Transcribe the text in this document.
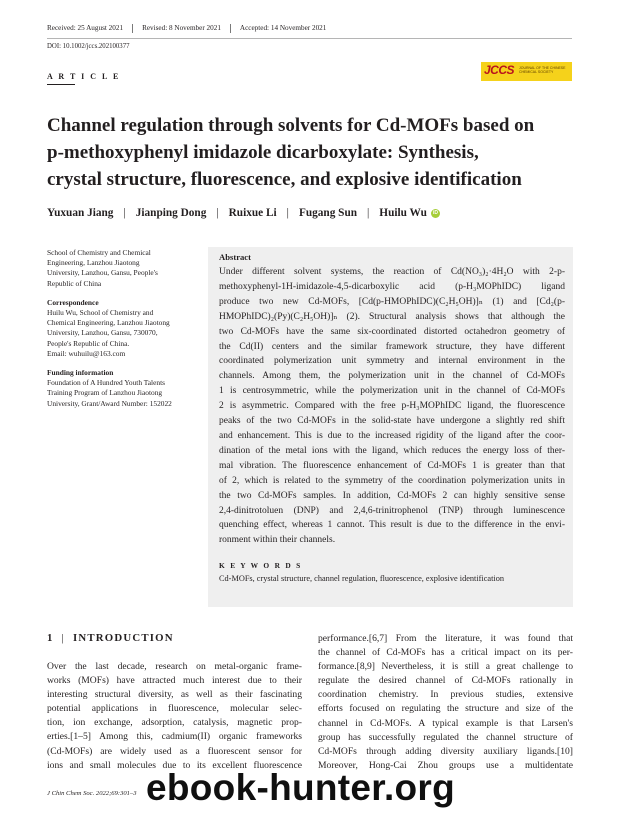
Received: 25 August 2021	Revised: 8 November 2021	Accepted: 14 November 2021
DOI: 10.1002/jccs.202100377
A R T I C L E	JCCS JOURNAL OF THE CHINESE CHEMICAL SOCIETY
Channel regulation through solvents for Cd-MOFs based on
p-methoxyphenyl imidazole dicarboxylate: Synthesis,
crystal structure, fluorescence, and explosive identification
Yuxuan Jiang | Jianping Dong | Ruixue Li | Fugang Sun | Huilu Wu	iD
School of Chemistry and Chemical
Engineering, Lanzhou Jiaotong
University, Lanzhou, Gansu, People's
Republic of China
Correspondence
Huilu Wu, School of Chemistry and
Chemical Engineering, Lanzhou Jiaotong
University, Lanzhou, Gansu, 730070,
People's Republic of China.
Email: wuhuilu@163.com
Funding information
Foundation of A Hundred Youth Talents
Training Program of Lanzhou Jiaotong
University, Grant/Award Number: 152022
Abstract
Under different solvent systems, the reaction of Cd(NO₃)₂·4H₂O with 2-p-
methoxyphenyl-1H-imidazole-4,5-dicarboxylic acid (p-H₃MOPhIDC) ligand
produce two new Cd-MOFs, [Cd(p-HMOPhIDC)(C₂H₅OH)]ₙ (1) and [Cd₂(p-
HMOPhIDC)₂(Py)(C₂H₅OH)]ₙ (2). Structural analysis shows that although the
two Cd-MOFs have the same six-coordinated distorted octahedron geometry of
the Cd(II) centers and the similar framework structure, they have different
coordinated polymerization unit symmetry and internal environment in the
channels. Among them, the polymerization unit in the channel of Cd-MOFs
1 is centrosymmetric, while the polymerization unit in the channel of Cd-MOFs
2 is asymmetric. Compared with the free p-H₃MOPhIDC ligand, the fluorescence
peaks of the two Cd-MOFs in the solid-state have undergone a slightly red shift
and enhancement. This is due to the increased rigidity of the ligand after the coor-
dination of the metal ions with the ligand, which reduces the energy loss of ther-
mal vibration. The fluorescence enhancement of Cd-MOFs 1 is greater than that
of 2, which is related to the symmetry of the coordination polymerization units in
the two Cd-MOFs samples. In addition, Cd-MOFs 2 can highly sensitive sense
2,4-dinitrotoluen (DNP) and 2,4,6-trinitrophenol (TNP) through luminescence
quenching effect, whereas 1 cannot. This result is due to the difference in the envi-
ronment within their channels.
K E Y W O R D S
Cd-MOFs, crystal structure, channel regulation, fluorescence, explosive identification
1 | INTRODUCTION
Over the last decade, research on metal-organic frame-
works (MOFs) have attracted much interest due to their
interesting structural diversity, as well as their fascinating
potential applications in fluorescence, molecular selec-
tion, ion exchange, adsorption, catalysis, magnetic prop-
erties.[1–5] Among this, cadmium(II) organic frameworks
(Cd-MOFs) are widely used as a fluorescent sensor for
ions and small molecules due to its excellent fluorescence
performance.[6,7] From the literature, it was found that
the channel of Cd-MOFs has a critical impact on its per-
formance.[8,9] Nevertheless, it is still a great challenge to
regulate the desired channel of Cd-MOFs rationally in
coordination chemistry. In previous studies, extensive
efforts focused on regulating the structure and size of the
channel in Cd-MOFs. A typical example is that Larsen's
group has successfully regulated the channel structure of
Cd-MOFs through adding diversity auxiliary ligands.[10]
Moreover, Hong-Cai Zhou groups use a multidentate
J Chin Chem Soc. 2022;69:301–3 ebook-hunter.org
